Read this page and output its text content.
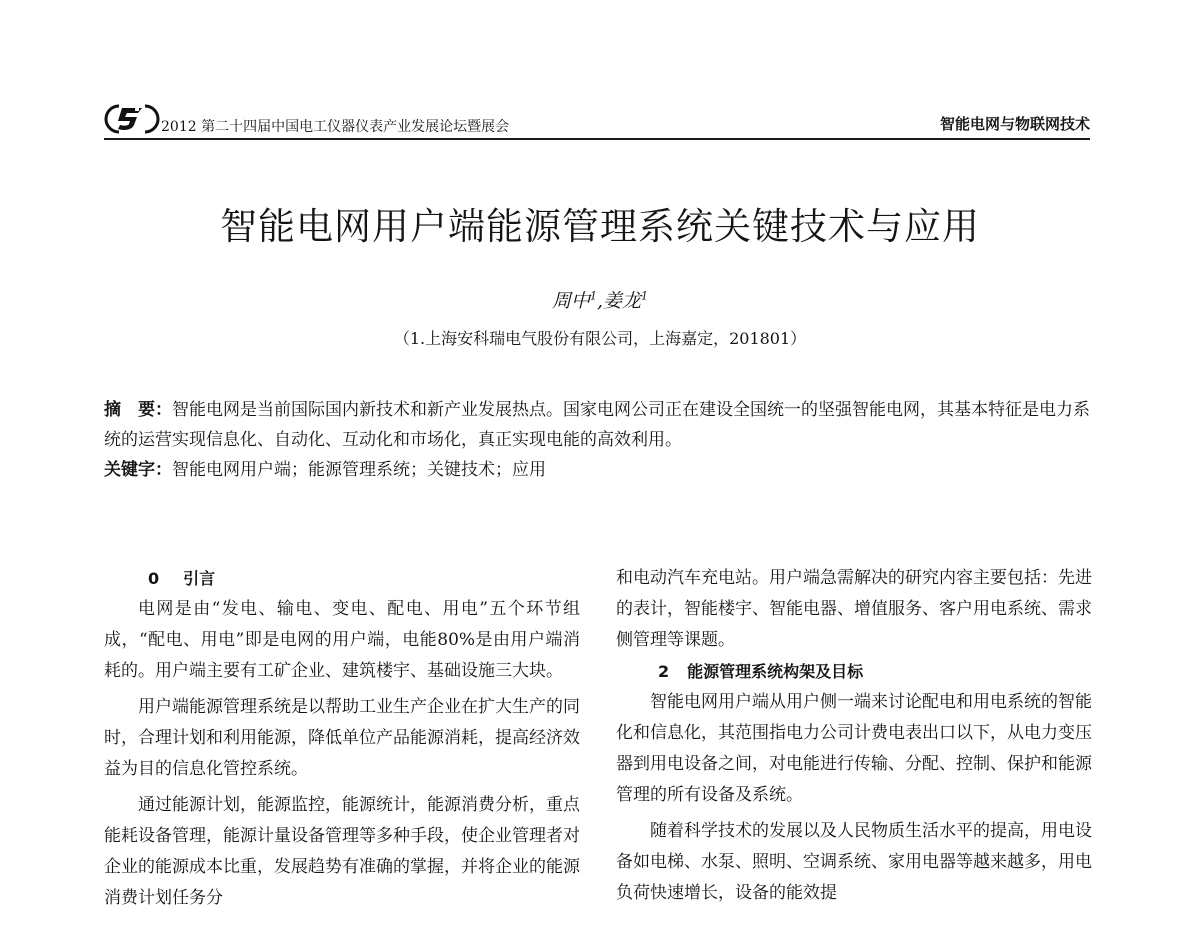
2012 第二十四届中国电工仪器仪表产业发展论坛暨展会	智能电网与物联网技术
智能电网用户端能源管理系统关键技术与应用
周中$^1$,姜龙$^1$
（1.上海安科瑞电气股份有限公司，上海嘉定，201801）

摘　要：智能电网是当前国际国内新技术和新产业发展热点。国家电网公司正在建设全国统一的坚强智能电网，其基本特征是电力系统的运营实现信息化、自动化、互动化和市场化，真正实现电能的高效利用。

关键字：智能电网用户端；能源管理系统；关键技术；应用

0 引言

电网是由“发电、输电、变电、配电、用电”五个环节组成，“配电、用电”即是电网的用户端，电能80%是由用户端消耗的。用户端主要有工矿企业、建筑楼宇、基础设施三大块。

用户端能源管理系统是以帮助工业生产企业在扩大生产的同时，合理计划和利用能源，降低单位产品能源消耗，提高经济效益为目的信息化管控系统。

通过能源计划，能源监控，能源统计，能源消费分析，重点能耗设备管理，能源计量设备管理等多种手段，使企业管理者对企业的能源成本比重，发展趋势有准确的掌握，并将企业的能源消费计划任务分

和电动汽车充电站。用户端急需解决的研究内容主要包括：先进的表计，智能楼宇、智能电器、增值服务、客户用电系统、需求侧管理等课题。

2 能源管理系统构架及目标

智能电网用户端从用户侧一端来讨论配电和用电系统的智能化和信息化，其范围指电力公司计费电表出口以下，从电力变压器到用电设备之间，对电能进行传输、分配、控制、保护和能源管理的所有设备及系统。

随着科学技术的发展以及人民物质生活水平的提高，用电设备如电梯、水泵、照明、空调系统、家用电器等越来越多，用电负荷快速增长，设备的能效提
